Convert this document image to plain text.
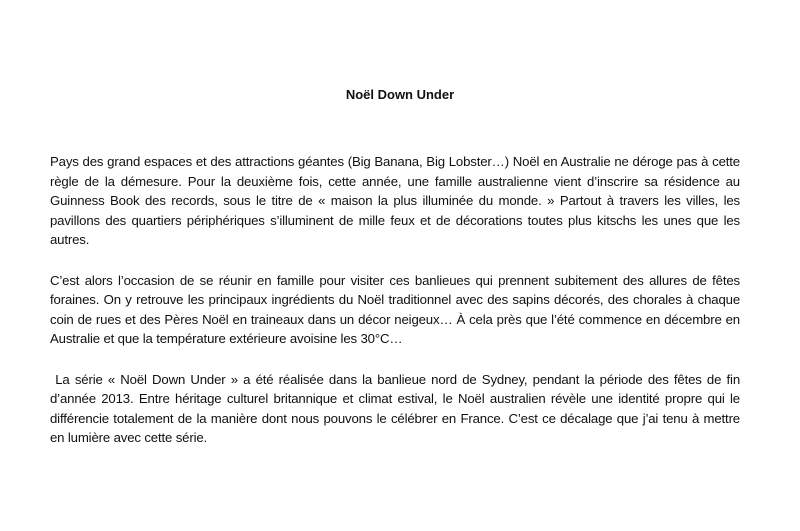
Noël Down Under

Pays des grand espaces et des attractions géantes (Big Banana, Big Lobster…) Noël en Australie ne déroge pas à cette règle de la démesure. Pour la deuxième fois, cette année, une famille australienne vient d’inscrire sa résidence au Guinness Book des records, sous le titre de « maison la plus illuminée du monde. » Partout à travers les villes, les pavillons des quartiers périphériques s’illuminent de mille feux et de décorations toutes plus kitschs les unes que les autres.

C’est alors l’occasion de se réunir en famille pour visiter ces banlieues qui prennent subitement des allures de fêtes foraines. On y retrouve les principaux ingrédients du Noël traditionnel avec des sapins décorés, des chorales à chaque coin de rues et des Pères Noël en traineaux dans un décor neigeux… À cela près que l’été commence en décembre en Australie et que la température extérieure avoisine les 30°C…

La série « Noël Down Under » a été réalisée dans la banlieue nord de Sydney, pendant la période des fêtes de fin d’année 2013. Entre héritage culturel britannique et climat estival, le Noël australien révèle une identité propre qui le différencie totalement de la manière dont nous pouvons le célébrer en France. C’est ce décalage que j’ai tenu à mettre en lumière avec cette série.
